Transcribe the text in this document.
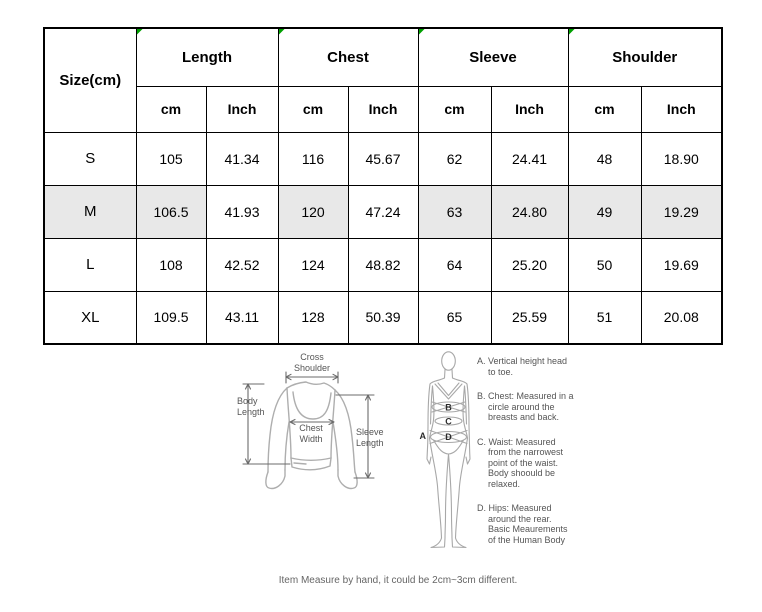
Size(cm)	Length		Chest		Sleeve		Shoulder	
	cm	Inch	cm	Inch	cm	Inch	cm	Inch
S	105	41.34	116	45.67	62	24.41	48	18.90
M	106.5	41.93	120	47.24	63	24.80	49	19.29
L	108	42.52	124	48.82	64	25.20	50	19.69
XL	109.5	43.11	128	50.39	65	25.59	51	20.08
Cross Shoulder
Body Length
Chest Width
Sleeve Length
A
B
C
D
A. Vertical height head
to toe.
B. Chest: Measured in a
circle around the
breasts and back.
C. Waist: Measured
from the narrowest
point of the waist.
Body shoould be
relaxed.
D. Hips: Measured
around the rear.
Basic Meaurements
of the Human Body
Item Measure by hand, it could be 2cm~3cm different.
